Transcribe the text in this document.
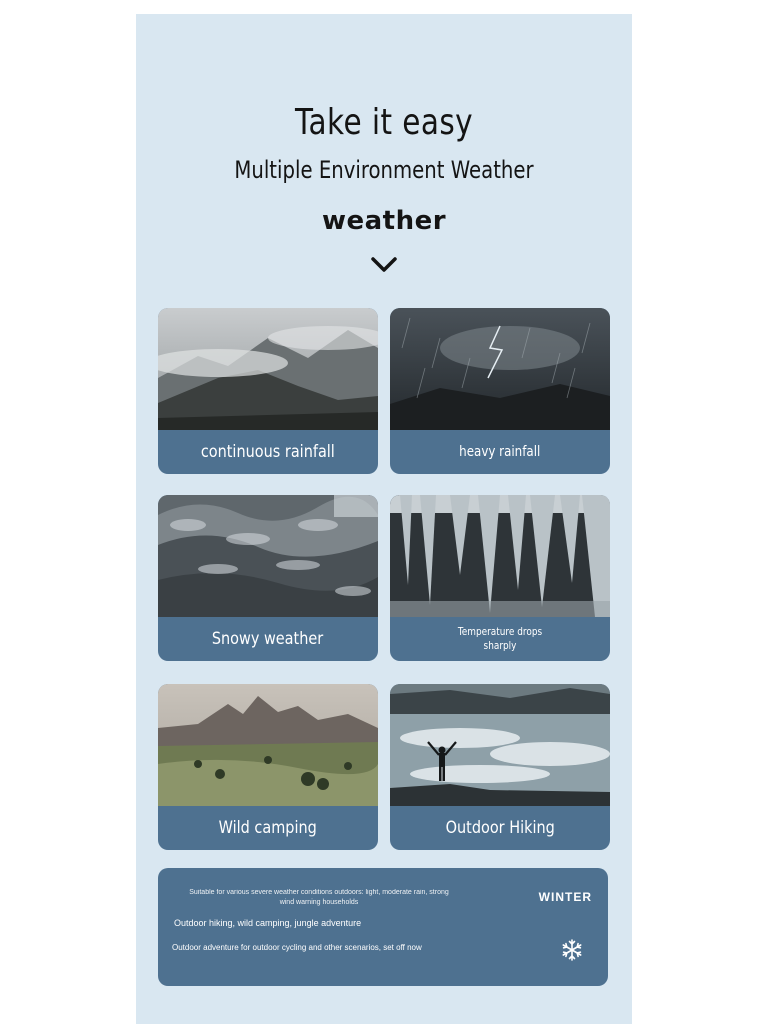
Take it easy
Multiple Environment Weather
weather
continuous rainfall	heavy rainfall
Snowy weather	Temperature drops sharply
Wild camping	Outdoor Hiking
Suitable for various severe weather conditions outdoors: light, moderate rain, strong wind warning households
Outdoor hiking, wild camping, jungle adventure
Outdoor adventure for outdoor cycling and other scenarios, set off now
WINTER
